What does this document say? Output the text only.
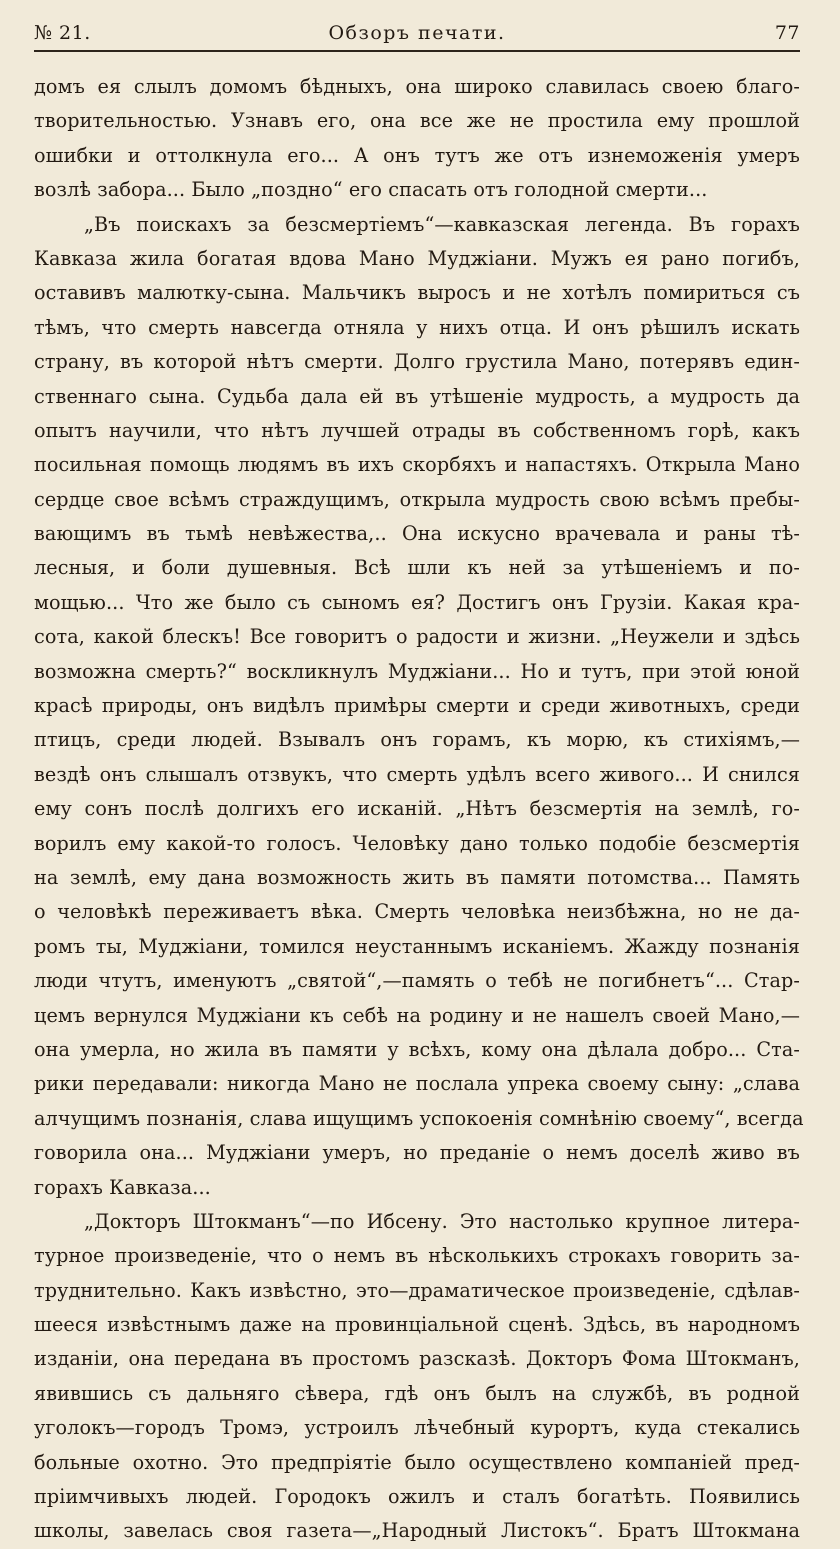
№ 21.	Обзоръ печати.	77
домъ ея слылъ домомъ бѣдныхъ, она широко славилась своею благо-
творительностью. Узнавъ его, она все же не простила ему прошлой
ошибки и оттолкнула его... А онъ тутъ же отъ изнеможенія умеръ
возлѣ забора... Было „поздно“ его спасать отъ голодной смерти...
„Въ поискахъ за безсмертіемъ“—кавказская легенда. Въ горахъ
Кавказа жила богатая вдова Мано Муджіани. Мужъ ея рано погибъ,
оставивъ малютку-сына. Мальчикъ выросъ и не хотѣлъ помириться съ
тѣмъ, что смерть навсегда отняла у нихъ отца. И онъ рѣшилъ искать
страну, въ которой нѣтъ смерти. Долго грустила Мано, потерявъ един-
ственнаго сына. Судьба дала ей въ утѣшеніе мудрость, а мудрость да
опытъ научили, что нѣтъ лучшей отрады въ собственномъ горѣ, какъ
посильная помощь людямъ въ ихъ скорбяхъ и напастяхъ. Открыла Мано
сердце свое всѣмъ страждущимъ, открыла мудрость свою всѣмъ пребы-
вающимъ въ тьмѣ невѣжества,.. Она искусно врачевала и раны тѣ-
лесныя, и боли душевныя. Всѣ шли къ ней за утѣшеніемъ и по-
мощью... Что же было съ сыномъ ея? Достигъ онъ Грузіи. Какая кра-
сота, какой блескъ! Все говоритъ о радости и жизни. „Неужели и здѣсь
возможна смерть?“ воскликнулъ Муджіани... Но и тутъ, при этой юной
красѣ природы, онъ видѣлъ примѣры смерти и среди животныхъ, среди
птицъ, среди людей. Взывалъ онъ горамъ, къ морю, къ стихіямъ,—
вездѣ онъ слышалъ отзвукъ, что смерть удѣлъ всего живого... И снился
ему сонъ послѣ долгихъ его исканій. „Нѣтъ безсмертія на землѣ, го-
ворилъ ему какой-то голосъ. Человѣку дано только подобіе безсмертія
на землѣ, ему дана возможность жить въ памяти потомства... Память
о человѣкѣ переживаетъ вѣка. Смерть человѣка неизбѣжна, но не да-
ромъ ты, Муджіани, томился неустаннымъ исканіемъ. Жажду познанія
люди чтутъ, именуютъ „святой“,—память о тебѣ не погибнетъ“... Стар-
цемъ вернулся Муджіани къ себѣ на родину и не нашелъ своей Мано,—
она умерла, но жила въ памяти у всѣхъ, кому она дѣлала добро... Ста-
рики передавали: никогда Мано не послала упрека своему сыну: „слава
алчущимъ познанія, слава ищущимъ успокоенія сомнѣнію своему“, всегда
говорила она... Муджіани умеръ, но преданіе о немъ доселѣ живо въ
горахъ Кавказа...
„Докторъ Штокманъ“—по Ибсену. Это настолько крупное литера-
турное произведеніе, что о немъ въ нѣсколькихъ строкахъ говорить за-
труднительно. Какъ извѣстно, это—драматическое произведеніе, сдѣлав-
шееся извѣстнымъ даже на провинціальной сценѣ. Здѣсь, въ народномъ
изданіи, она передана въ простомъ разсказѣ. Докторъ Фома Штокманъ,
явившись съ дальняго сѣвера, гдѣ онъ былъ на службѣ, въ родной
уголокъ—городъ Тромэ, устроилъ лѣчебный курортъ, куда стекались
больные охотно. Это предпріятіе было осуществлено компаніей пред-
пріимчивыхъ людей. Городокъ ожилъ и сталъ богатѣть. Появились
школы, завелась своя газета—„Народный Листокъ“. Братъ Штокмана
